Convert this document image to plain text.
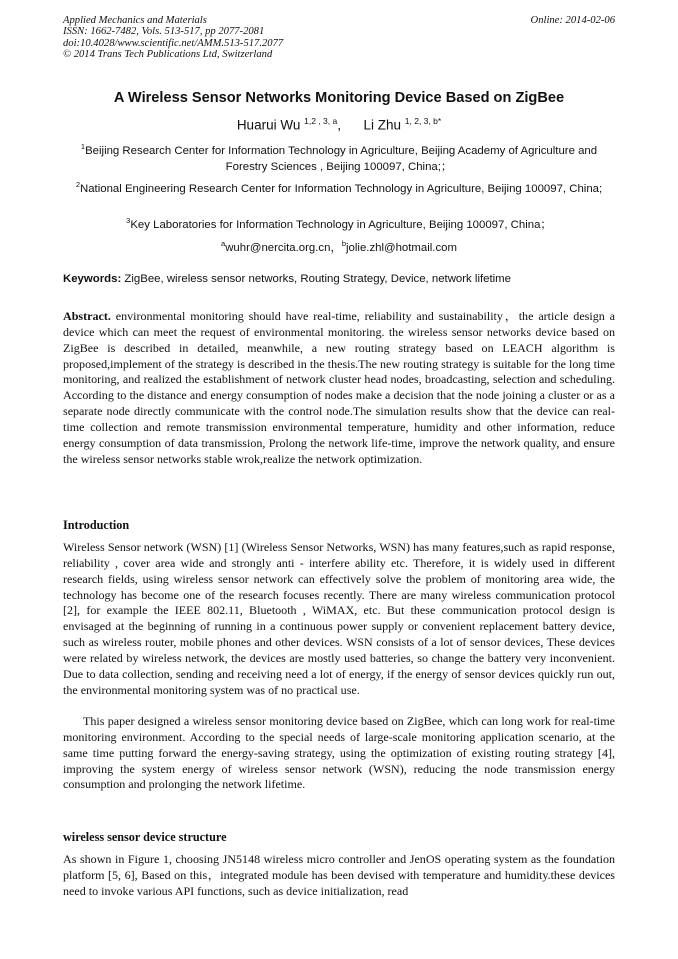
Applied Mechanics and Materials
ISSN: 1662-7482, Vols. 513-517, pp 2077-2081
doi:10.4028/www.scientific.net/AMM.513-517.2077
© 2014 Trans Tech Publications Ltd, Switzerland
Online: 2014-02-06
A Wireless Sensor Networks Monitoring Device Based on ZigBee
Huarui Wu $^{1,2 , 3, a}$, Li Zhu $^{1, 2, 3, b*}$
$^1$Beijing Research Center for Information Technology in Agriculture, Beijing Academy of Agriculture and Forestry Sciences , Beijing 100097, China;；
$^2$National Engineering Research Center for Information Technology in Agriculture, Beijing 100097, China;
$^3$Key Laboratories for Information Technology in Agriculture, Beijing 100097, China；
$^a$wuhr@nercita.org.cn，$^b$jolie.zhl@hotmail.com
Keywords: ZigBee, wireless sensor networks, Routing Strategy, Device, network lifetime
Abstract. environmental monitoring should have real-time, reliability and sustainability，the article design a device which can meet the request of environmental monitoring. the wireless sensor networks device based on ZigBee is described in detailed, meanwhile, a new routing strategy based on LEACH algorithm is proposed,implement of the strategy is described in the thesis.The new routing strategy is suitable for the long time monitoring, and realized the establishment of network cluster head nodes, broadcasting, selection and scheduling. According to the distance and energy consumption of nodes make a decision that the node joining a cluster or as a separate node directly communicate with the control node.The simulation results show that the device can real-time collection and remote transmission environmental temperature, humidity and other information, reduce energy consumption of data transmission, Prolong the network life-time, improve the network quality, and ensure the wireless sensor networks stable wrok,realize the network optimization.
Introduction
Wireless Sensor network (WSN) [1] (Wireless Sensor Networks, WSN) has many features,such as rapid response, reliability , cover area wide and strongly anti - interfere ability etc. Therefore, it is widely used in different research fields, using wireless sensor network can effectively solve the problem of monitoring area wide, the technology has become one of the research focuses recently. There are many wireless communication protocol [2], for example the IEEE 802.11, Bluetooth , WiMAX, etc. But these communication protocol design is envisaged at the beginning of running in a continuous power supply or convenient replacement battery device, such as wireless router, mobile phones and other devices. WSN consists of a lot of sensor devices, These devices were related by wireless network, the devices are mostly used batteries, so change the battery very inconvenient. Due to data collection, sending and receiving need a lot of energy, if the energy of sensor devices quickly run out, the environmental monitoring system was of no practical use.
This paper designed a wireless sensor monitoring device based on ZigBee, which can long work for real-time monitoring environment. According to the special needs of large-scale monitoring application scenario, at the same time putting forward the energy-saving strategy, using the optimization of existing routing strategy [4], improving the system energy of wireless sensor network (WSN), reducing the node transmission energy consumption and prolonging the network lifetime.
wireless sensor device structure
As shown in Figure 1, choosing JN5148 wireless micro controller and JenOS operating system as the foundation platform [5, 6], Based on this，integrated module has been devised with temperature and humidity.these devices need to invoke various API functions, such as device initialization, read
